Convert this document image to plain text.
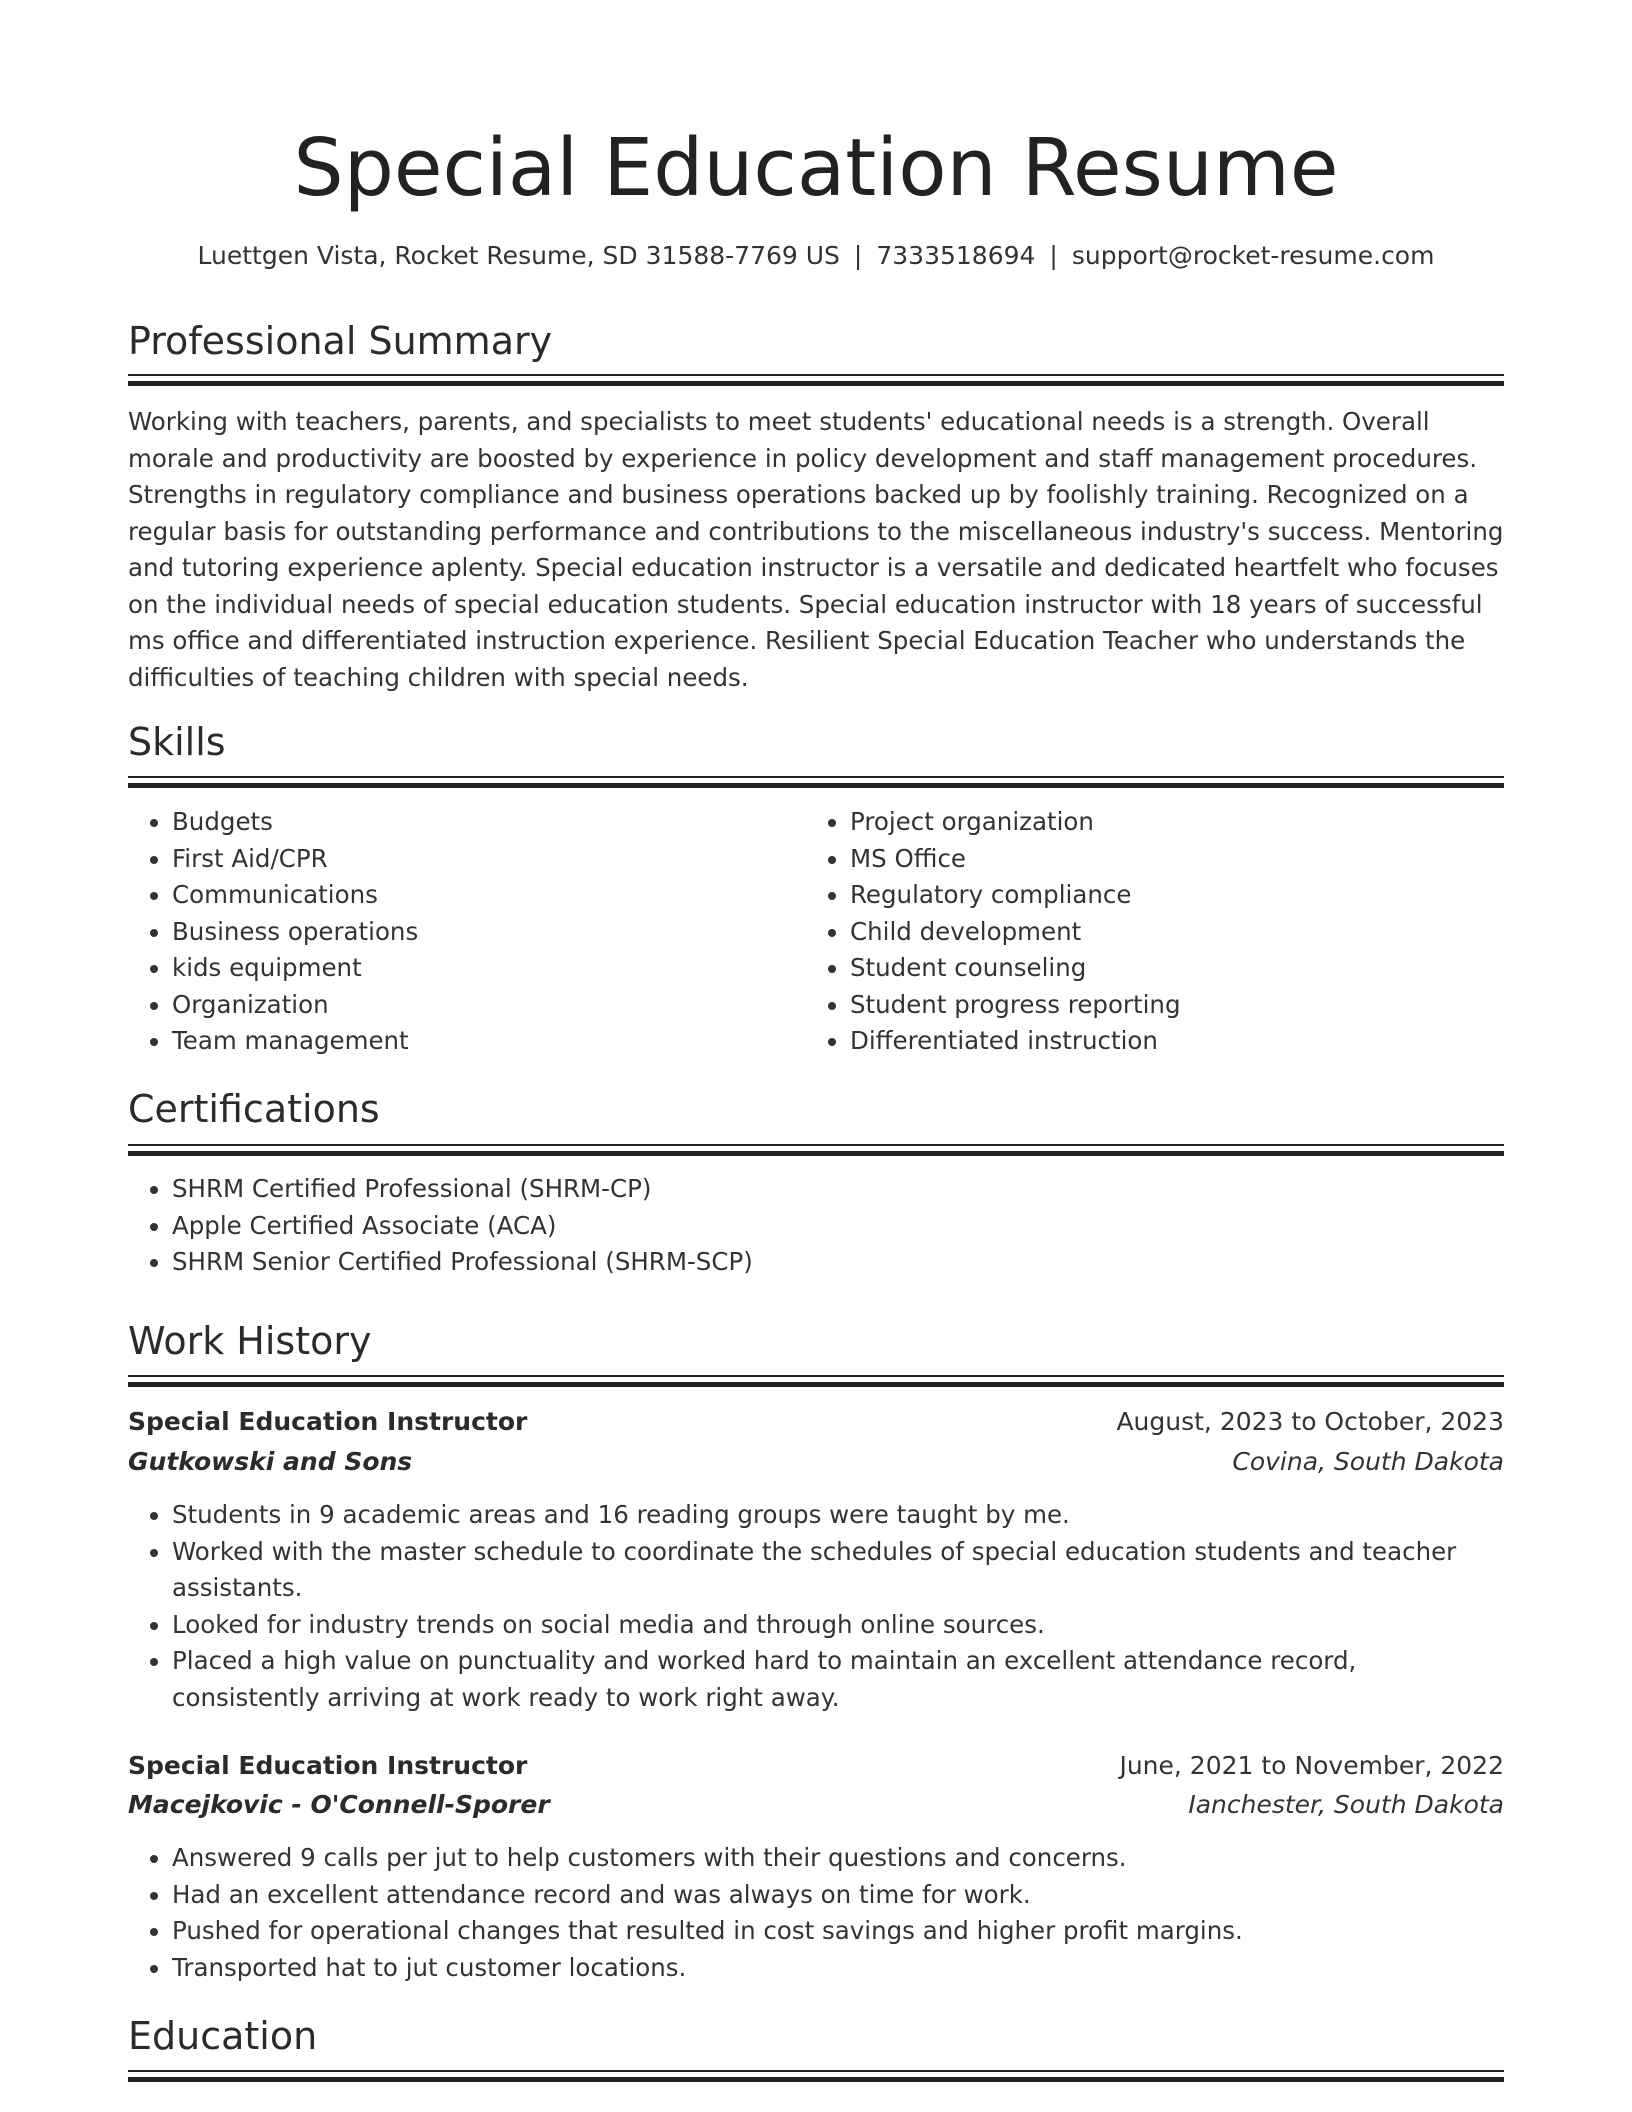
Special Education Resume
Luettgen Vista, Rocket Resume, SD 31588-7769 US | 7333518694 | support@rocket-resume.com
Professional Summary

Working with teachers, parents, and specialists to meet students' educational needs is a strength. Overall morale and productivity are boosted by experience in policy development and staff management procedures. Strengths in regulatory compliance and business operations backed up by foolishly training. Recognized on a regular basis for outstanding performance and contributions to the miscellaneous industry's success. Mentoring and tutoring experience aplenty. Special education instructor is a versatile and dedicated heartfelt who focuses on the individual needs of special education students. Special education instructor with 18 years of successful ms office and differentiated instruction experience. Resilient Special Education Teacher who understands the difficulties of teaching children with special needs.

Skills
• Budgets
• First Aid/CPR
• Communications
• Business operations
• kids equipment
• Organization
• Team management
• Project organization
• MS Office
• Regulatory compliance
• Child development
• Student counseling
• Student progress reporting
• Differentiated instruction
Certifications
• SHRM Certified Professional (SHRM-CP)
• Apple Certified Associate (ACA)
• SHRM Senior Certified Professional (SHRM-SCP)
Work History
Special Education Instructor	August, 2023 to October, 2023
Gutkowski and Sons	Covina, South Dakota
• Students in 9 academic areas and 16 reading groups were taught by me.
• Worked with the master schedule to coordinate the schedules of special education students and teacher assistants.
• Looked for industry trends on social media and through online sources.
• Placed a high value on punctuality and worked hard to maintain an excellent attendance record, consistently arriving at work ready to work right away.
Special Education Instructor	June, 2021 to November, 2022
Macejkovic - O'Connell-Sporer	Ianchester, South Dakota
• Answered 9 calls per jut to help customers with their questions and concerns.
• Had an excellent attendance record and was always on time for work.
• Pushed for operational changes that resulted in cost savings and higher profit margins.
• Transported hat to jut customer locations.
Education
